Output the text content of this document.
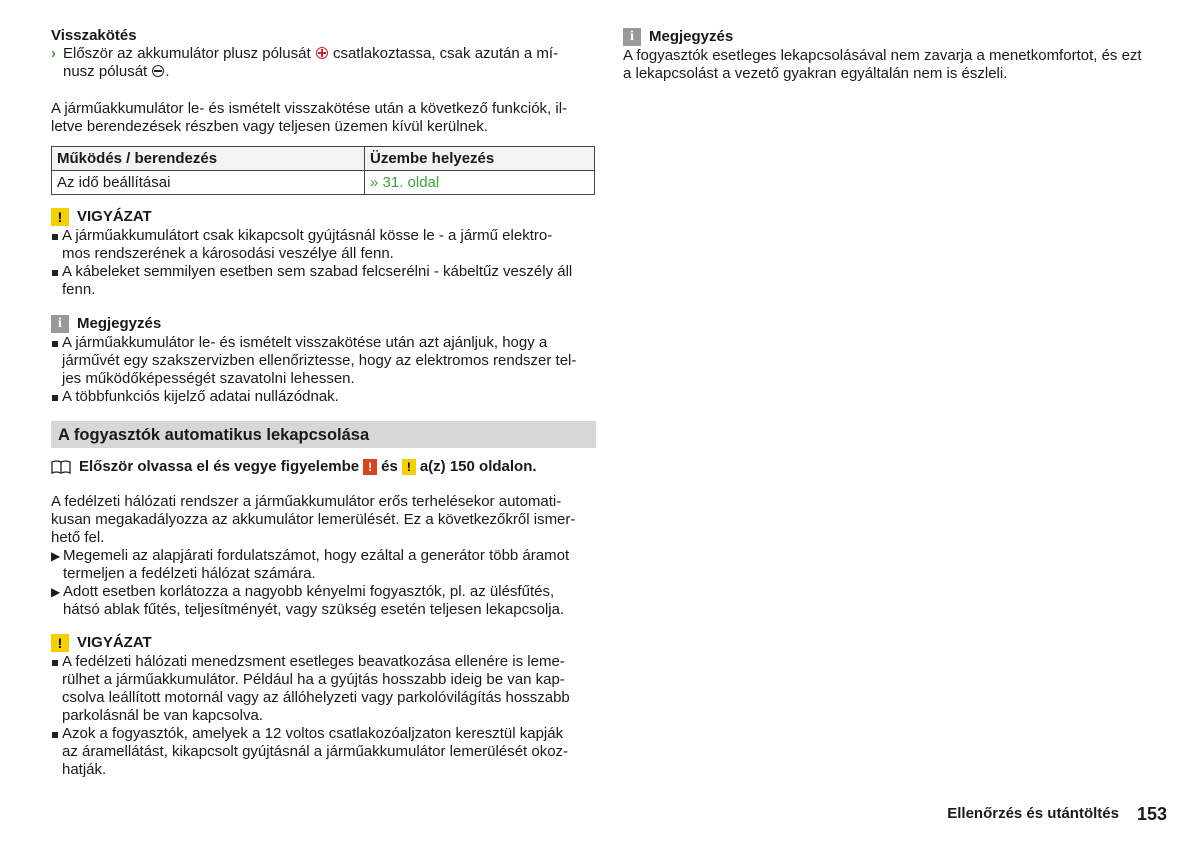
Visszakötés

› Először az akkumulátor plusz pólusát csatlakoztassa, csak azután a mí-
nusz pólusát .

A járműakkumulátor le- és ismételt visszakötése után a következő funkciók, il-
letve berendezések részben vagy teljesen üzemen kívül kerülnek.

Működés / berendezés	Üzembe helyezés
Az idő beállításai	» 31. oldal
! VIGYÁZAT
A járműakkumulátort csak kikapcsolt gyújtásnál kösse le - a jármű elektro-
mos rendszerének a károsodási veszélye áll fenn.
A kábeleket semmilyen esetben sem szabad felcserélni - kábeltűz veszély áll
fenn.
i	Megjegyzés
A járműakkumulátor le- és ismételt visszakötése után azt ajánljuk, hogy a
járművét egy szakszervizben ellenőriztesse, hogy az elektromos rendszer tel-
jes működőképességét szavatolni lehessen.
A többfunkciós kijelző adatai nullázódnak.
A fogyasztók automatikus lekapcsolása
Először olvassa el és vegye figyelembe ! és ! a(z) 150 oldalon.

A fedélzeti hálózati rendszer a járműakkumulátor erős terhelésekor automati-
kusan megakadályozza az akkumulátor lemerülését. Ez a következőkről ismer-
hető fel.

▶ Megemeli az alapjárati fordulatszámot, hogy ezáltal a generátor több áramot
termeljen a fedélzeti hálózat számára.
▶ Adott esetben korlátozza a nagyobb kényelmi fogyasztók, pl. az ülésfűtés,
hátsó ablak fűtés, teljesítményét, vagy szükség esetén teljesen lekapcsolja.
! VIGYÁZAT
A fedélzeti hálózati menedzsment esetleges beavatkozása ellenére is leme-
rülhet a járműakkumulátor. Például ha a gyújtás hosszabb ideig be van kap-
csolva leállított motornál vagy az állóhelyzeti vagy parkolóvilágítás hosszabb
parkolásnál be van kapcsolva.
Azok a fogyasztók, amelyek a 12 voltos csatlakozóaljzaton keresztül kapják
az áramellátást, kikapcsolt gyújtásnál a járműakkumulátor lemerülését okoz-
hatják.
i	Megjegyzés

A fogyasztók esetleges lekapcsolásával nem zavarja a menetkomfortot, és ezt
a lekapcsolást a vezető gyakran egyáltalán nem is észleli.

Ellenőrzés és utántöltés 153
